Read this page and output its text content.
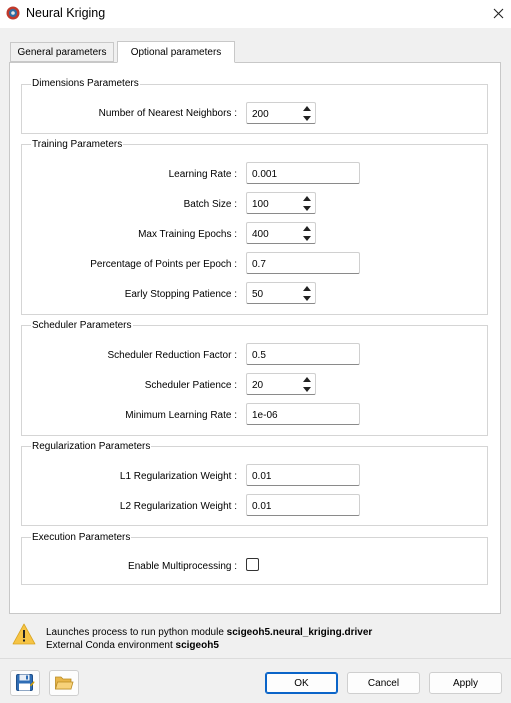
Neural Kriging
General parameters	Optional parameters
Dimensions Parameters
Number of Nearest Neighbors : 200
Training Parameters
Learning Rate :	0.001
Batch Size : 100
Max Training Epochs : 400
Percentage of Points per Epoch :	0.7
Early Stopping Patience : 50
Scheduler Parameters
Scheduler Reduction Factor :	0.5
Scheduler Patience : 20
Minimum Learning Rate :	1e-06
Regularization Parameters
L1 Regularization Weight :	0.01
L2 Regularization Weight :	0.01
Execution Parameters
Enable Multiprocessing :
Launches process to run python module scigeoh5.neural_kriging.driver
External Conda environment scigeoh5
OK	Cancel	Apply
